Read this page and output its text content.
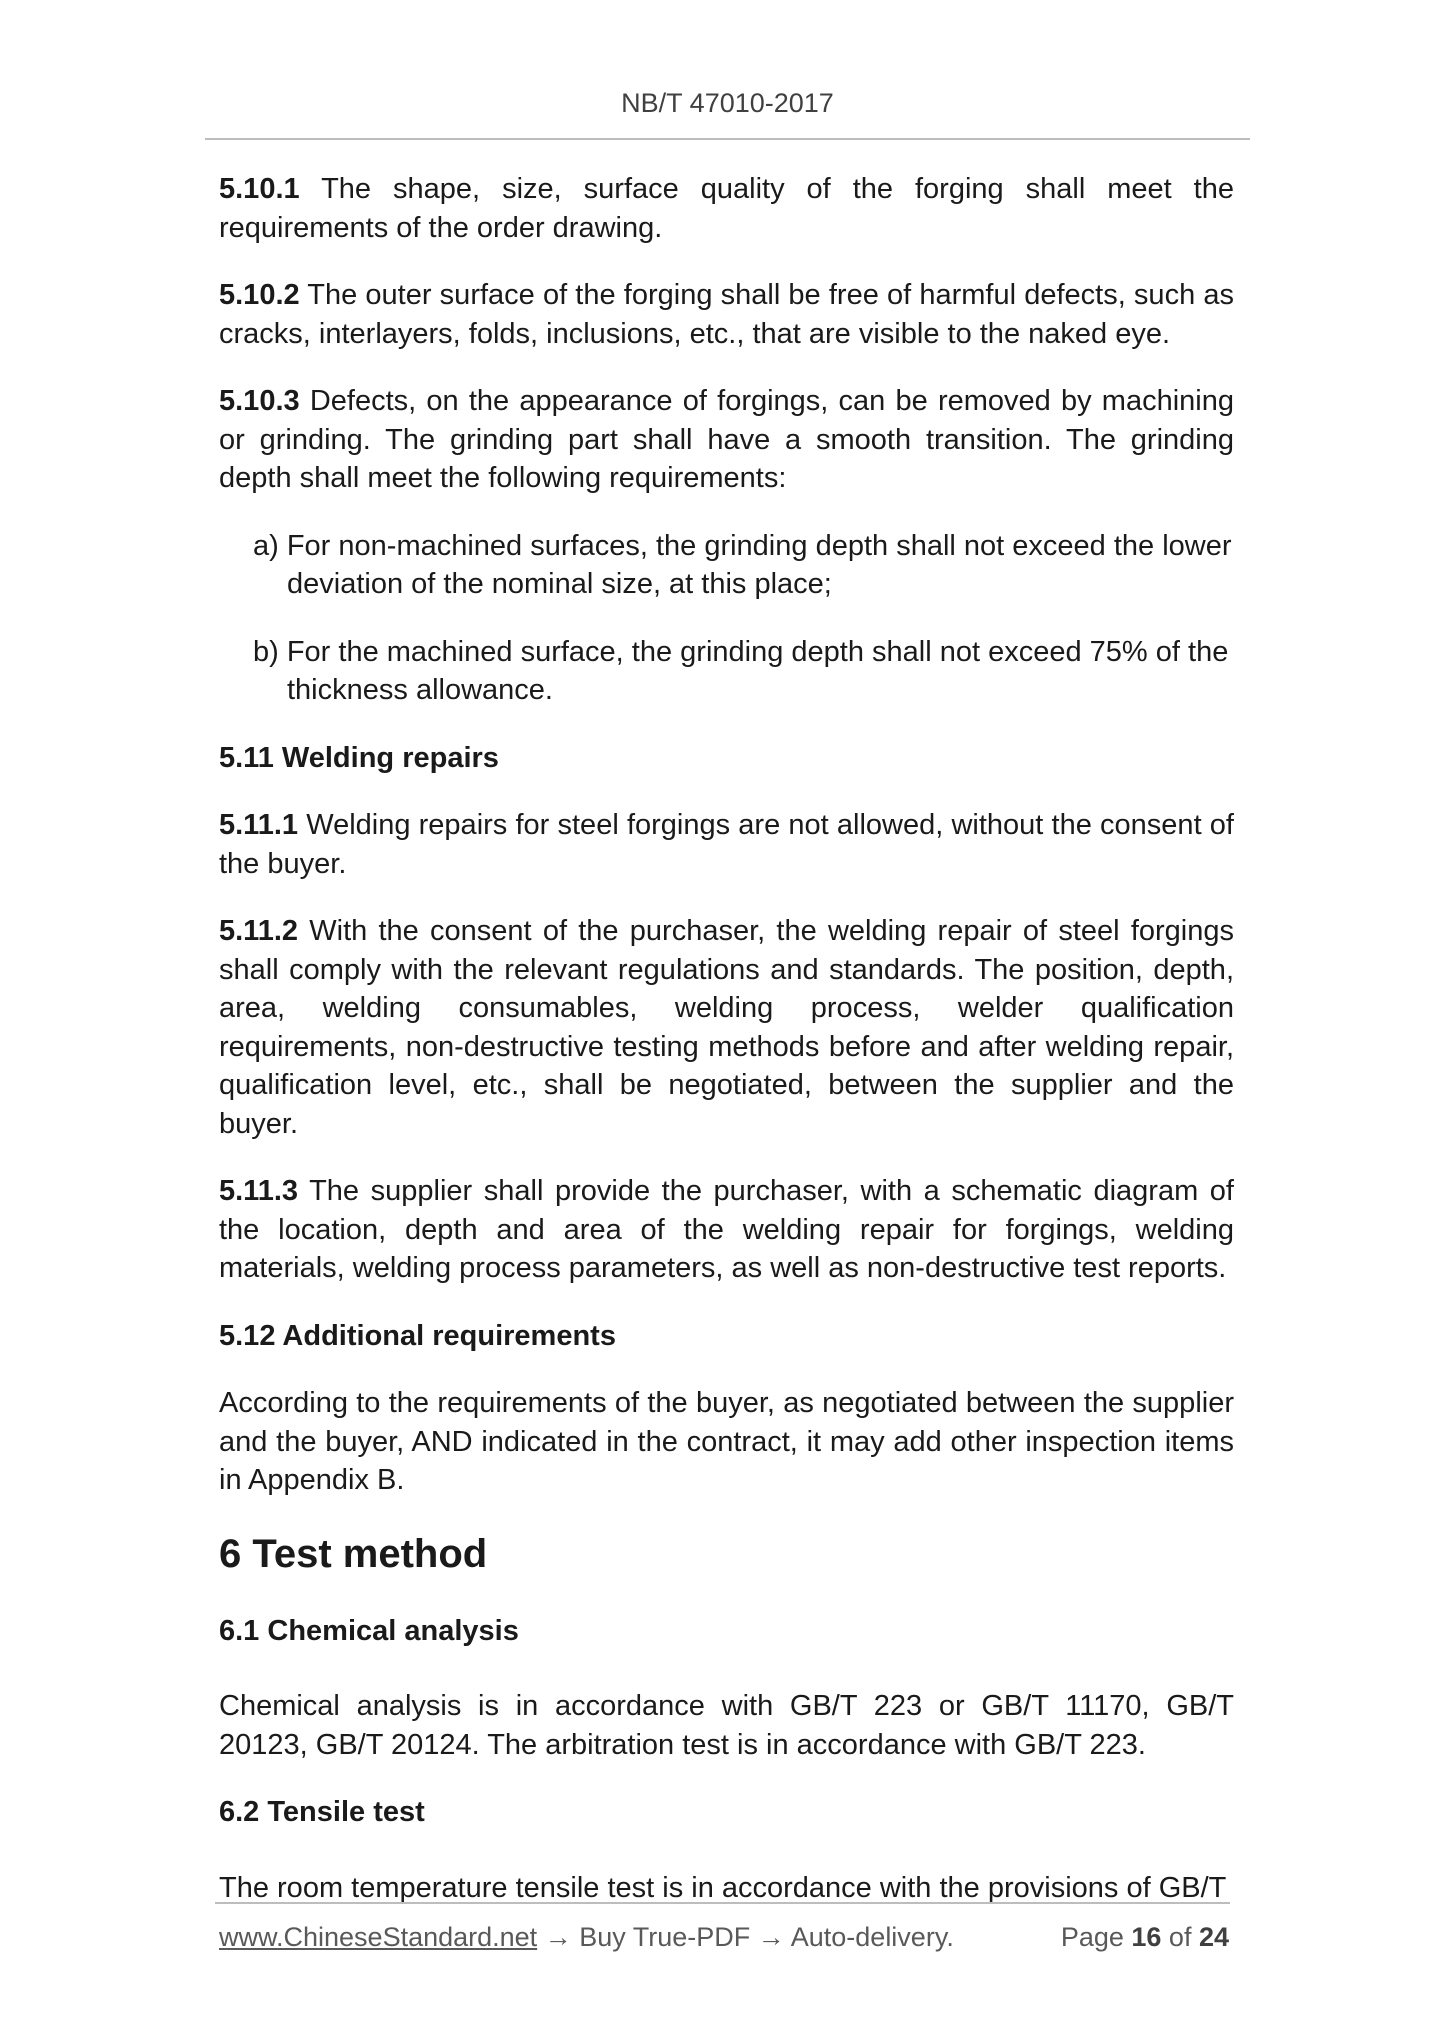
NB/T 47010-2017

5.10.1 The shape, size, surface quality of the forging shall meet the requirements of the order drawing.

5.10.2 The outer surface of the forging shall be free of harmful defects, such as cracks, interlayers, folds, inclusions, etc., that are visible to the naked eye.

5.10.3 Defects, on the appearance of forgings, can be removed by machining or grinding. The grinding part shall have a smooth transition. The grinding depth shall meet the following requirements:

a) For non-machined surfaces, the grinding depth shall not exceed the lower deviation of the nominal size, at this place;

b) For the machined surface, the grinding depth shall not exceed 75% of the thickness allowance.

5.11 Welding repairs

5.11.1 Welding repairs for steel forgings are not allowed, without the consent of the buyer.

5.11.2 With the consent of the purchaser, the welding repair of steel forgings shall comply with the relevant regulations and standards. The position, depth, area, welding consumables, welding process, welder qualification requirements, non-destructive testing methods before and after welding repair, qualification level, etc., shall be negotiated, between the supplier and the buyer.

5.11.3 The supplier shall provide the purchaser, with a schematic diagram of the location, depth and area of the welding repair for forgings, welding materials, welding process parameters, as well as non-destructive test reports.

5.12 Additional requirements

According to the requirements of the buyer, as negotiated between the supplier and the buyer, AND indicated in the contract, it may add other inspection items in Appendix B.

6 Test method
6.1 Chemical analysis

Chemical analysis is in accordance with GB/T 223 or GB/T 11170, GB/T 20123, GB/T 20124. The arbitration test is in accordance with GB/T 223.

6.2 Tensile test

The room temperature tensile test is in accordance with the provisions of GB/T

www.ChineseStandard.net → Buy True-PDF → Auto-delivery.	Page 16 of 24
